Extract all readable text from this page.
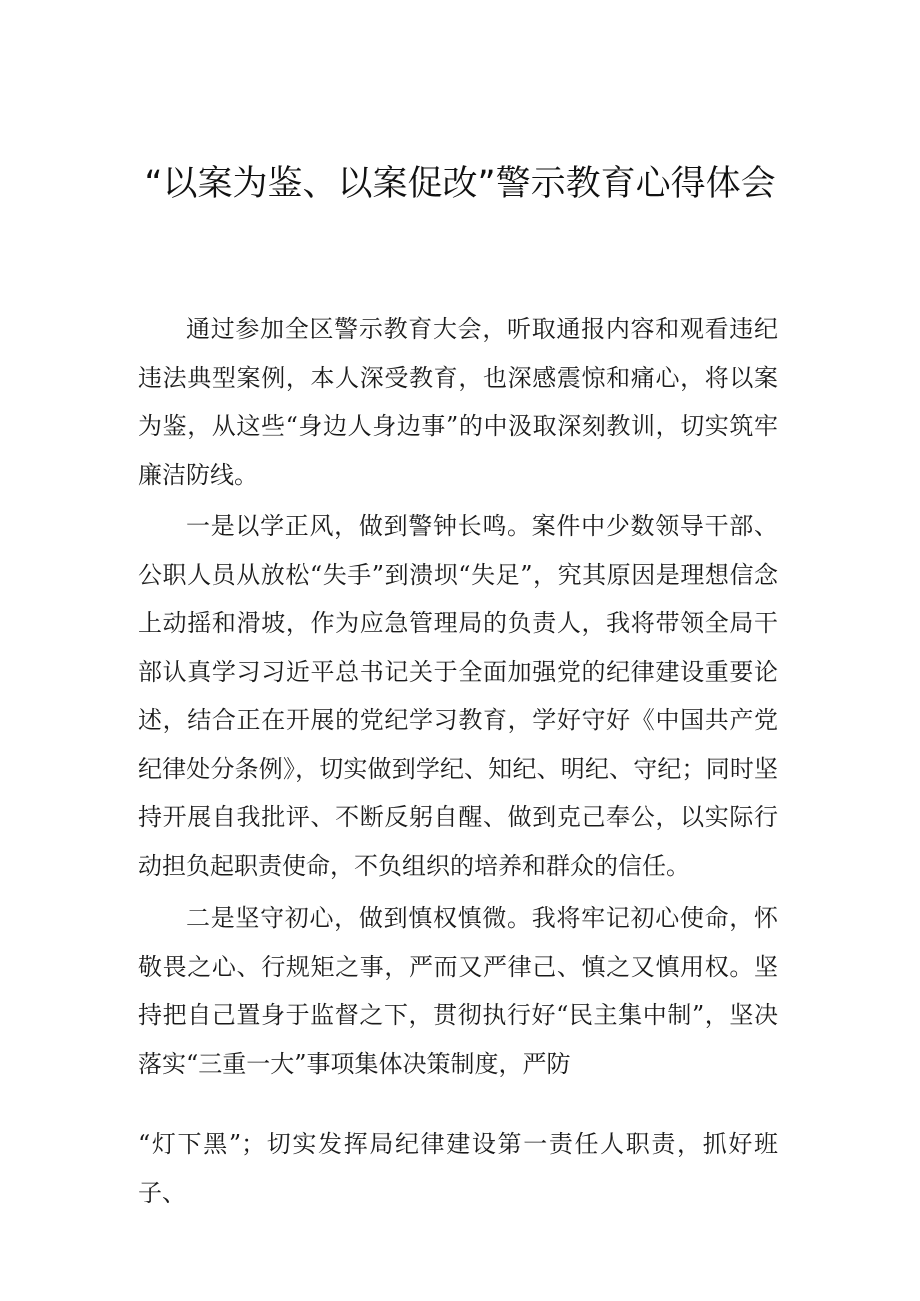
“以案为鉴、以案促改”警示教育心得体会

通过参加全区警示教育大会，听取通报内容和观看违纪违法典型案例，本人深受教育，也深感震惊和痛心，将以案为鉴，从这些“身边人身边事”的中汲取深刻教训，切实筑牢廉洁防线。

一是以学正风，做到警钟长鸣。案件中少数领导干部、公职人员从放松“失手”到溃坝“失足”，究其原因是理想信念上动摇和滑坡，作为应急管理局的负责人，我将带领全局干部认真学习习近平总书记关于全面加强党的纪律建设重要论述，结合正在开展的党纪学习教育，学好守好《中国共产党纪律处分条例》，切实做到学纪、知纪、明纪、守纪；同时坚持开展自我批评、不断反躬自醒、做到克己奉公，以实际行动担负起职责使命，不负组织的培养和群众的信任。

二是坚守初心，做到慎权慎微。我将牢记初心使命，怀敬畏之心、行规矩之事，严而又严律己、慎之又慎用权。坚持把自己置身于监督之下，贯彻执行好“民主集中制”，坚决落实“三重一大”事项集体决策制度，严防

“灯下黑”；切实发挥局纪律建设第一责任人职责，抓好班子、
